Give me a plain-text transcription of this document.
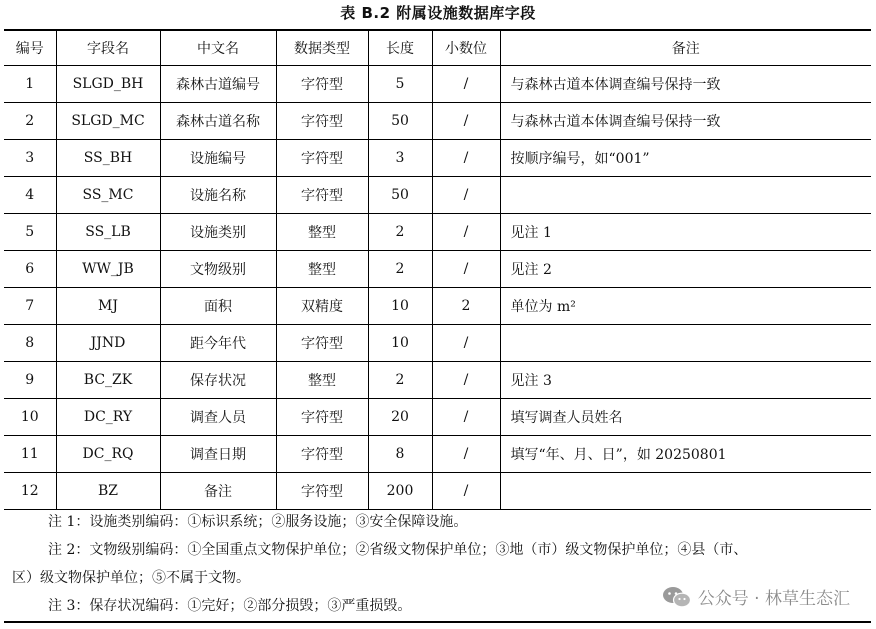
表 B.2 附属设施数据库字段
编号	字段名	中文名	数据类型	长度	小数位	备注
1	SLGD_BH	森林古道编号	字符型	5	/	与森林古道本体调查编号保持一致
2	SLGD_MC	森林古道名称	字符型	50	/	与森林古道本体调查编号保持一致
3	SS_BH	设施编号	字符型	3	/	按顺序编号，如“001”
4	SS_MC	设施名称	字符型	50	/	
5	SS_LB	设施类别	整型	2	/	见注 1
6	WW_JB	文物级别	整型	2	/	见注 2
7	MJ	面积	双精度	10	2	单位为 m²
8	JJND	距今年代	字符型	10	/	
9	BC_ZK	保存状况	整型	2	/	见注 3
10	DC_RY	调查人员	字符型	20	/	填写调查人员姓名
11	DC_RQ	调查日期	字符型	8	/	填写“年、月、日”，如 20250801
12	BZ	备注	字符型	200	/	
注 1：设施类别编码：①标识系统；②服务设施；③安全保障设施。
注 2：文物级别编码：①全国重点文物保护单位；②省级文物保护单位；③地（市）级文物保护单位；④县（市、
区）级文物保护单位；⑤不属于文物。
注 3：保存状况编码：①完好；②部分损毁；③严重损毁。	公众号 · 林草生态汇
